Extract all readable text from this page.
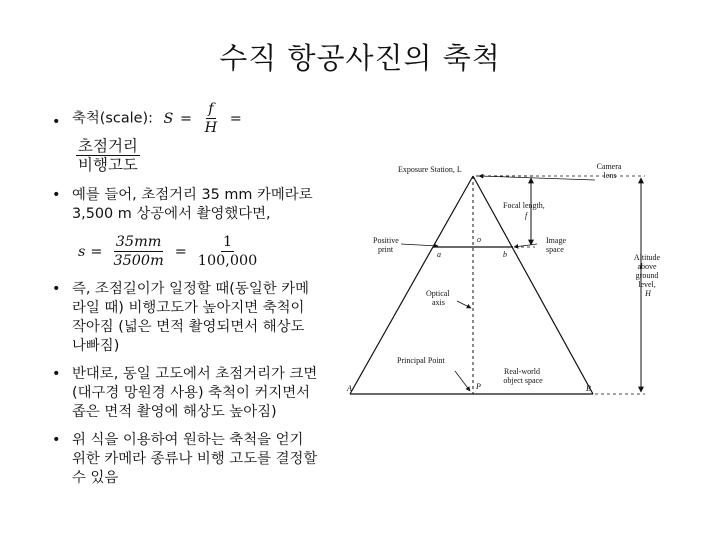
수직 항공사진의 축척
• 축척(scale): $S = \frac{f}{H}$ =
$\frac{\text{초점거리}}{\text{비행고도}}$
• 예를 들어, 초점거리 35 mm 카메라로 3,500 m 상공에서 촬영했다면,
$s = \frac{35mm}{3500m} = \frac{1}{100,000}$
• 즉, 조점길이가 일정할 때(동일한 카메라일 때) 비행고도가 높아지면 축척이 작아짐 (넓은 면적 촬영되면서 해상도 나빠짐)
• 반대로, 동일 고도에서 초점거리가 크면(대구경 망원경 사용) 축척이 커지면서 좁은 면적 촬영에 해상도 높아짐)
• 위 식을 이용하여 원하는 축척을 얻기 위한 카메라 종류나 비행 고도를 결정할 수 있음
Exposure Station, L	Camera lens
Focal length, f
Positive print
Image space
Optical axis
Principal Point
Real-world object space
Altitude above ground level, H
o
a	b
A	P	B
